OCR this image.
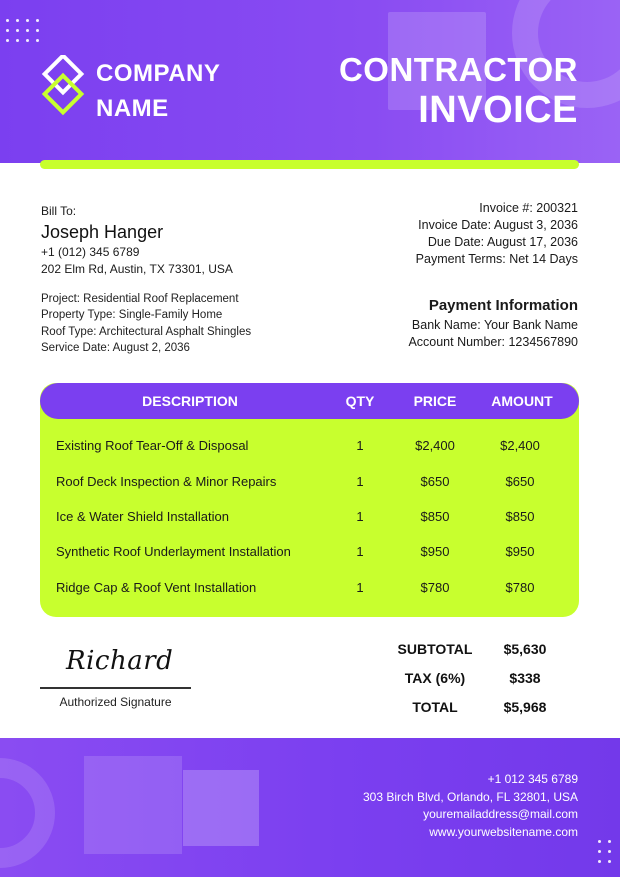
COMPANY
NAME
CONTRACTOR
INVOICE
Bill To:
Joseph Hanger
+1 (012) 345 6789
202 Elm Rd, Austin, TX 73301, USA
Invoice #: 200321
Invoice Date: August 3, 2036
Due Date: August 17, 2036
Payment Terms: Net 14 Days
Project: Residential Roof Replacement
Property Type: Single-Family Home
Roof Type: Architectural Asphalt Shingles
Service Date: August 2, 2036
Payment Information
Bank Name: Your Bank Name
Account Number: 1234567890
DESCRIPTION	QTY	PRICE	AMOUNT
Existing Roof Tear-Off & Disposal	1	$2,400	$2,400
Roof Deck Inspection & Minor Repairs	1	$650	$650
Ice & Water Shield Installation	1	$850	$850
Synthetic Roof Underlayment Installation	1	$950	$950
Ridge Cap & Roof Vent Installation	1	$780	$780
SUBTOTAL	$5,630
TAX (6%)	$338
TOTAL	$5,968
Richard
Authorized Signature
+1 012 345 6789
303 Birch Blvd, Orlando, FL 32801, USA
youremailaddress@mail.com
www.yourwebsitename.com
